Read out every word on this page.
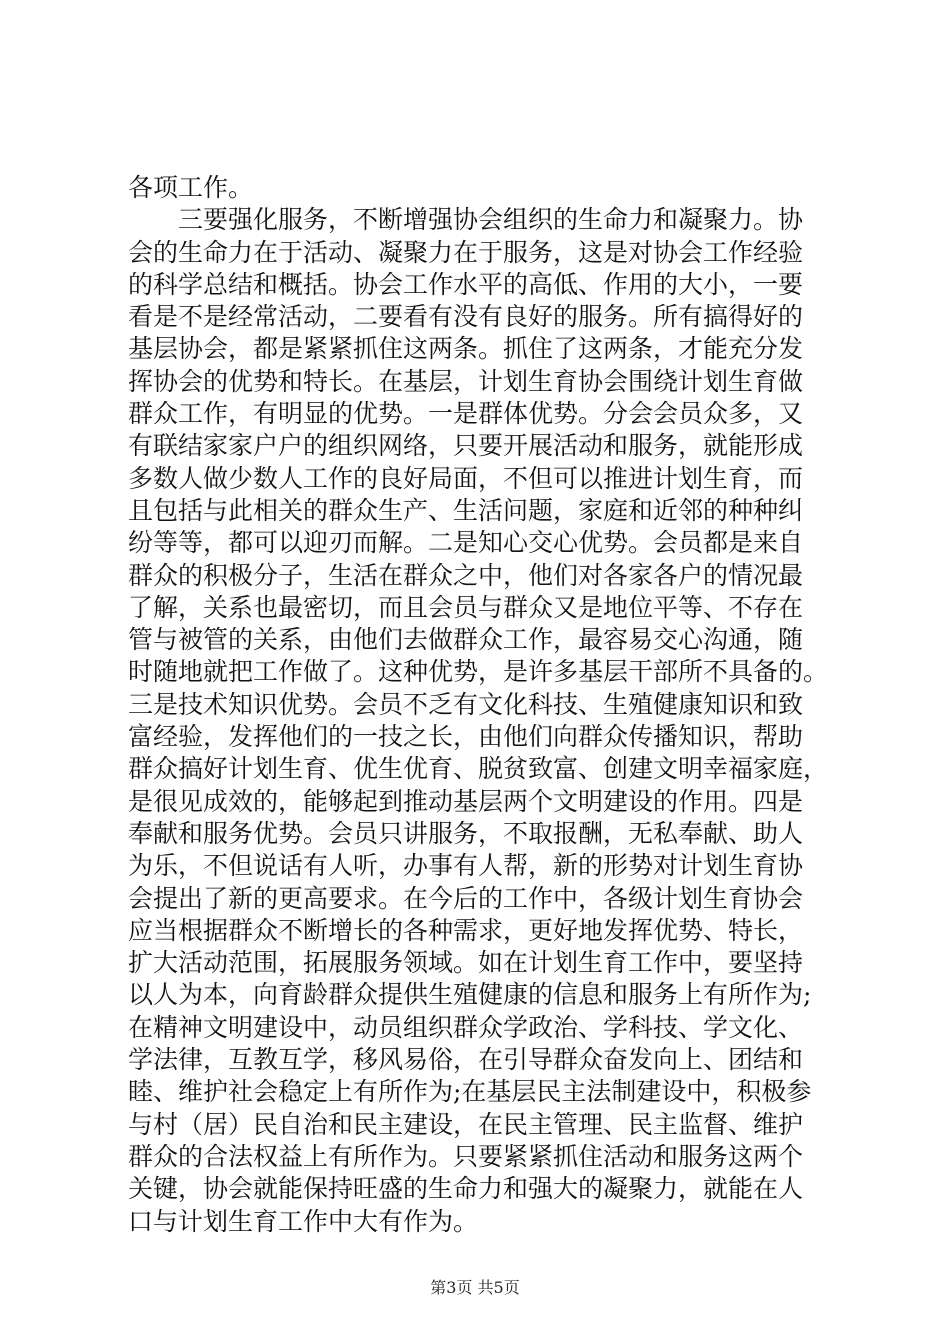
各项工作。
　　三要强化服务，不断增强协会组织的生命力和凝聚力。协
会的生命力在于活动、凝聚力在于服务，这是对协会工作经验
的科学总结和概括。协会工作水平的高低、作用的大小，一要
看是不是经常活动，二要看有没有良好的服务。所有搞得好的
基层协会，都是紧紧抓住这两条。抓住了这两条，才能充分发
挥协会的优势和特长。在基层，计划生育协会围绕计划生育做
群众工作，有明显的优势。一是群体优势。分会会员众多，又
有联结家家户户的组织网络，只要开展活动和服务，就能形成
多数人做少数人工作的良好局面，不但可以推进计划生育，而
且包括与此相关的群众生产、生活问题，家庭和近邻的种种纠
纷等等，都可以迎刃而解。二是知心交心优势。会员都是来自
群众的积极分子，生活在群众之中，他们对各家各户的情况最
了解，关系也最密切，而且会员与群众又是地位平等、不存在
管与被管的关系，由他们去做群众工作，最容易交心沟通，随
时随地就把工作做了。这种优势，是许多基层干部所不具备的。
三是技术知识优势。会员不乏有文化科技、生殖健康知识和致
富经验，发挥他们的一技之长，由他们向群众传播知识，帮助
群众搞好计划生育、优生优育、脱贫致富、创建文明幸福家庭，
是很见成效的，能够起到推动基层两个文明建设的作用。四是
奉献和服务优势。会员只讲服务，不取报酬，无私奉献、助人
为乐，不但说话有人听，办事有人帮，新的形势对计划生育协
会提出了新的更高要求。在今后的工作中，各级计划生育协会
应当根据群众不断增长的各种需求，更好地发挥优势、特长，
扩大活动范围，拓展服务领域。如在计划生育工作中，要坚持
以人为本，向育龄群众提供生殖健康的信息和服务上有所作为;
在精神文明建设中，动员组织群众学政治、学科技、学文化、
学法律，互教互学，移风易俗，在引导群众奋发向上、团结和
睦、维护社会稳定上有所作为;在基层民主法制建设中，积极参
与村（居）民自治和民主建设，在民主管理、民主监督、维护
群众的合法权益上有所作为。只要紧紧抓住活动和服务这两个
关键，协会就能保持旺盛的生命力和强大的凝聚力，就能在人
口与计划生育工作中大有作为。
第3页 共5页
